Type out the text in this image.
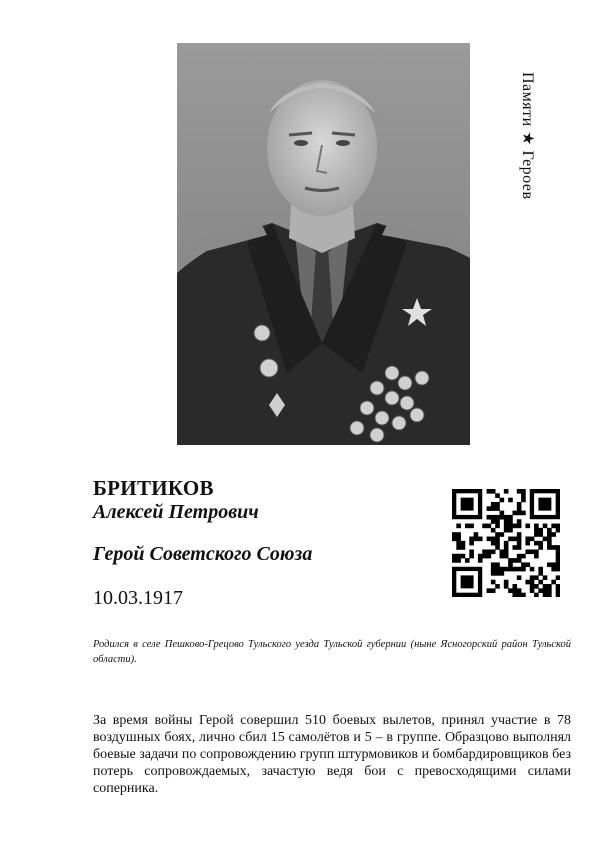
Памяти ★ Героев
БРИТИКОВ
Алексей Петрович
Герой Советского Союза
10.03.1917
Родился в селе Пешково-Грецово Тульского уезда Тульской губернии (ныне Ясногорский район Тульской области).
За время войны Герой совершил 510 боевых вылетов, принял участие в 78 воздушных боях, лично сбил 15 самолётов и 5 – в группе. Образцово выполнял боевые задачи по сопровождению групп штурмовиков и бомбардировщиков без потерь сопровождаемых, зачастую ведя бои с превосходящими силами соперника.
